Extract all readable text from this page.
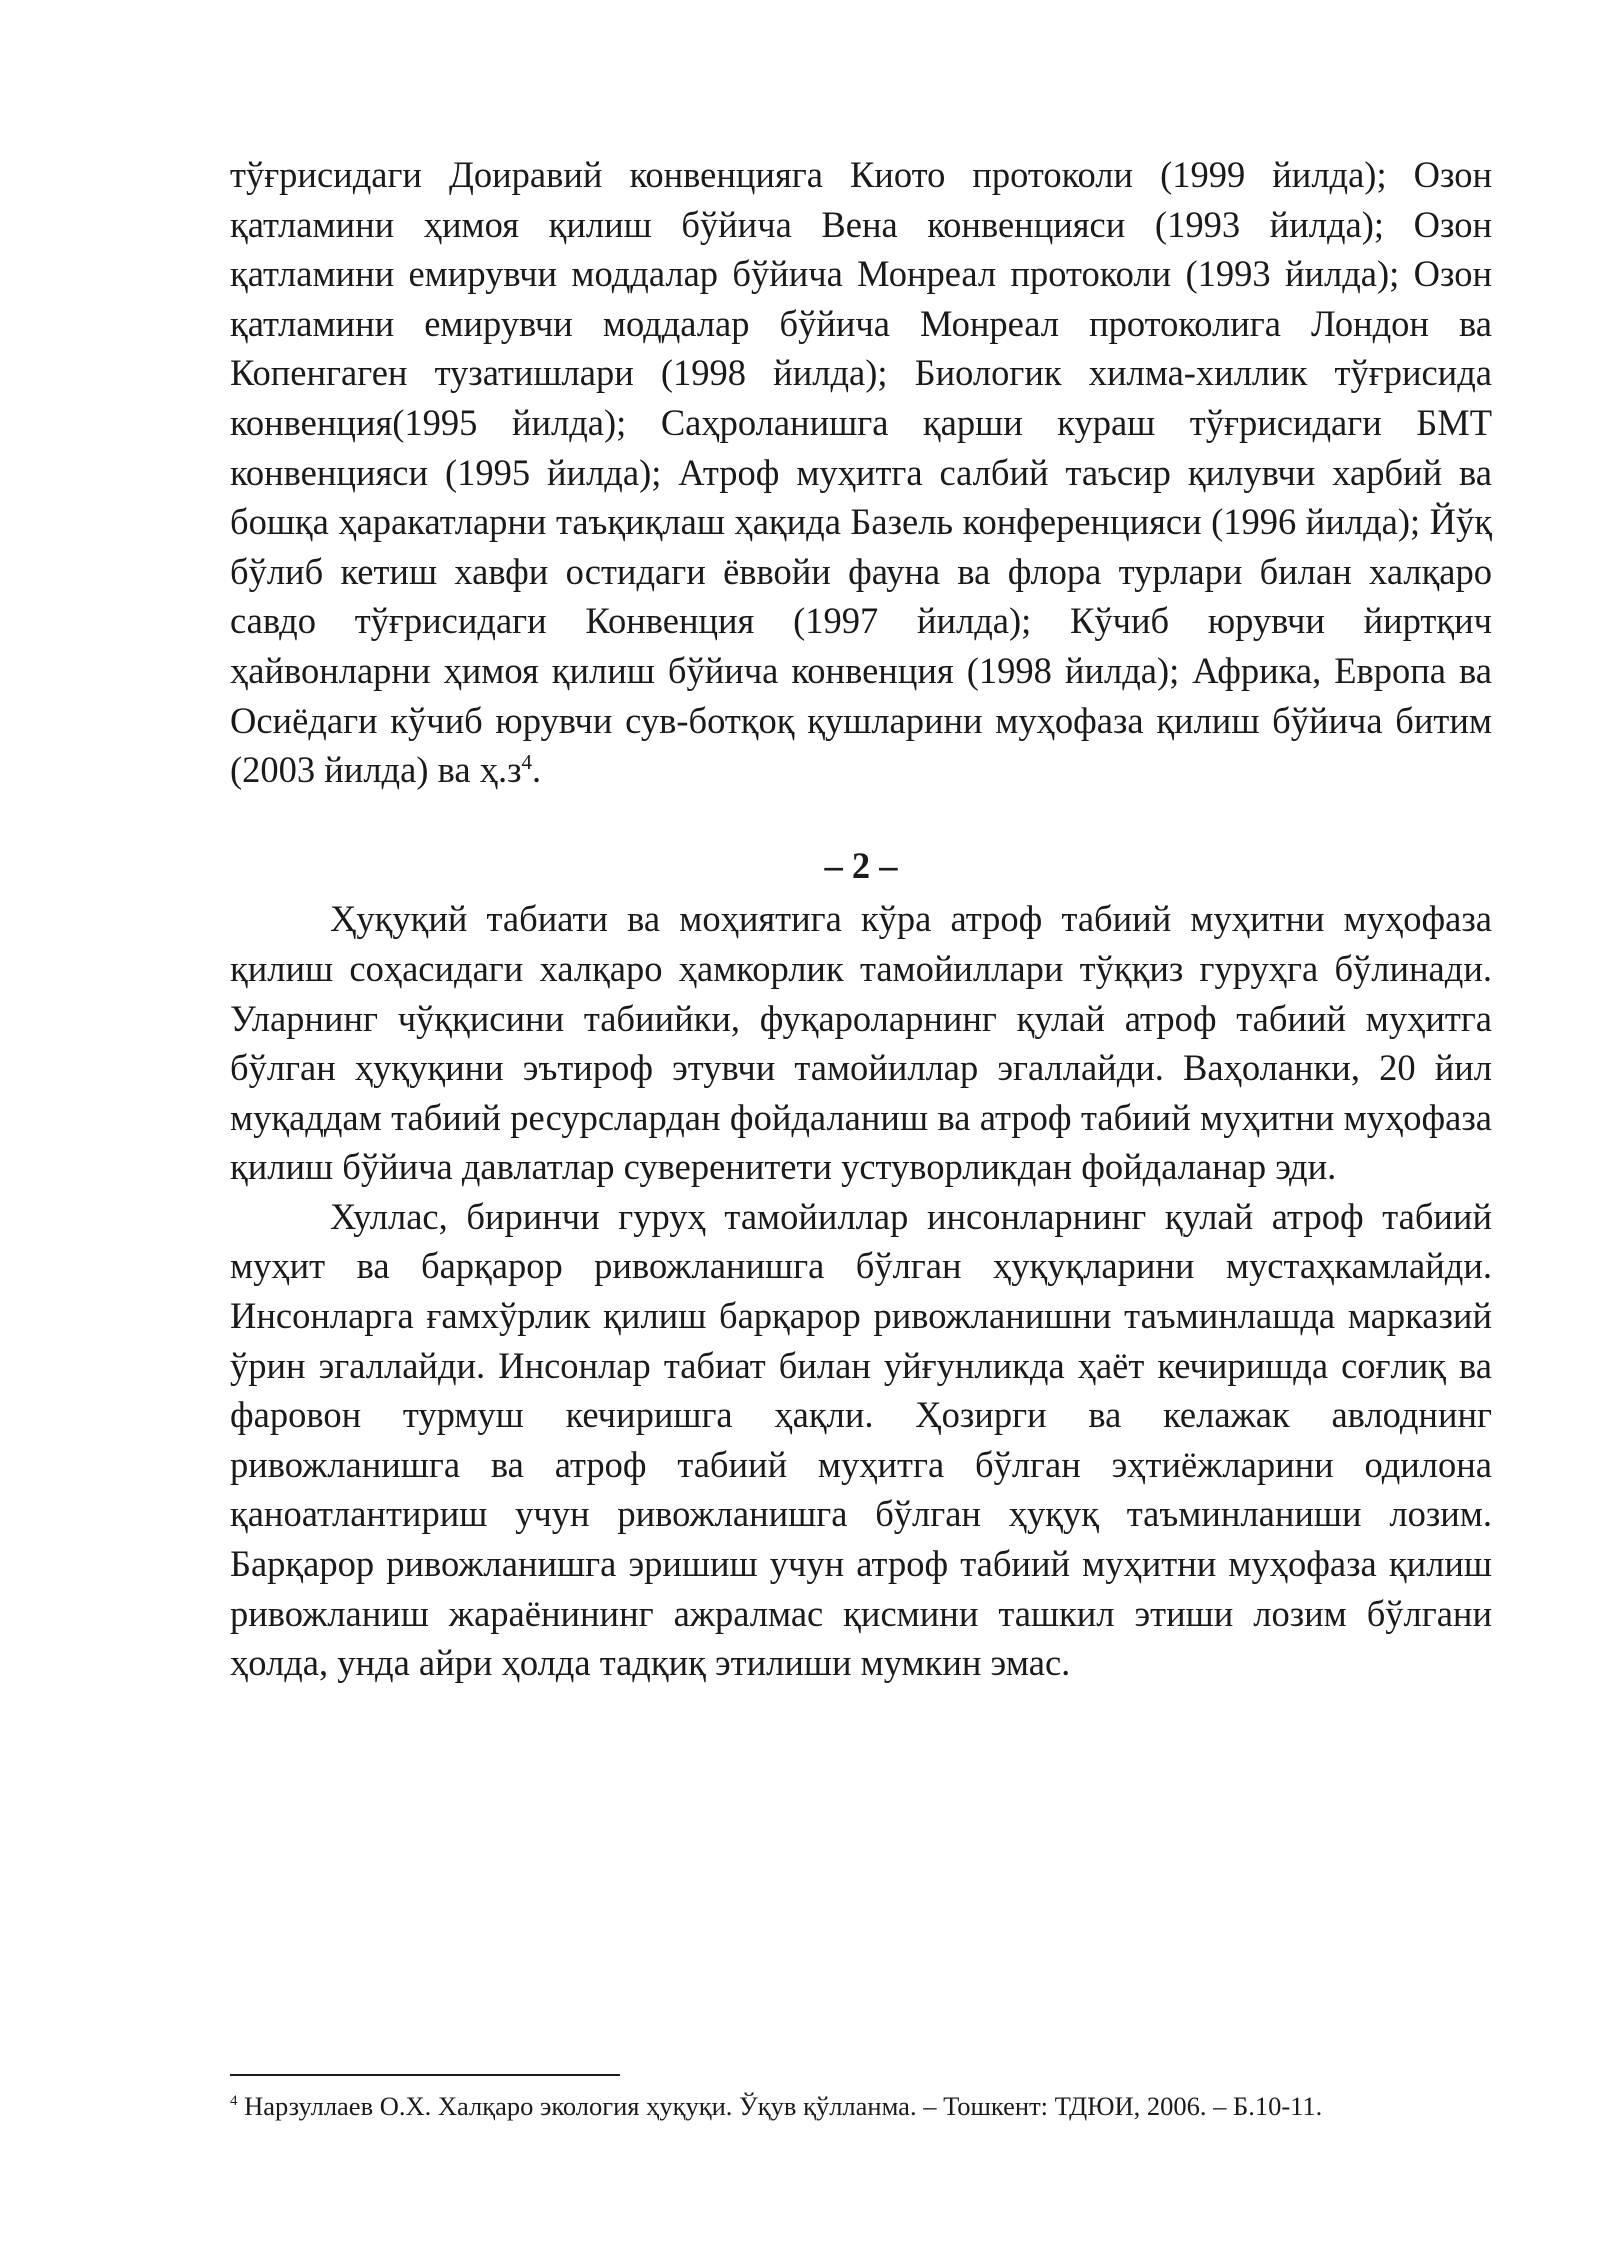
тўғрисидаги Доиравий конвенцияга Киото протоколи (1999 йилда); Озон қатламини ҳимоя қилиш бўйича Вена конвенцияси (1993 йилда); Озон қатламини емирувчи моддалар бўйича Монреал протоколи (1993 йилда); Озон қатламини емирувчи моддалар бўйича Монреал протоколига Лондон ва Копенгаген тузатишлари (1998 йилда); Биологик хилма-хиллик тўғрисида конвенция(1995 йилда); Саҳроланишга қарши кураш тўғрисидаги БМТ конвенцияси (1995 йилда); Атроф муҳитга салбий таъсир қилувчи харбий ва бошқа ҳаракатларни таъқиқлаш ҳақида Базель конференцияси (1996 йилда); Йўқ бўлиб кетиш хавфи остидаги ёввойи фауна ва флора турлари билан халқаро савдо тўғрисидаги Конвенция (1997 йилда); Кўчиб юрувчи йиртқич ҳайвонларни ҳимоя қилиш бўйича конвенция (1998 йилда); Африка, Европа ва Осиёдаги кўчиб юрувчи сув-ботқоқ қушларини муҳофаза қилиш бўйича битим (2003 йилда) ва ҳ.з$^4$.

– 2 –

Ҳуқуқий табиати ва моҳиятига кўра атроф табиий муҳитни муҳофаза қилиш соҳасидаги халқаро ҳамкорлик тамойиллари тўққиз гуруҳга бўлинади. Уларнинг чўққисини табиийки, фуқароларнинг қулай атроф табиий муҳитга бўлган ҳуқуқини эътироф этувчи тамойиллар эгаллайди. Ваҳоланки, 20 йил муқаддам табиий ресурслардан фойдаланиш ва атроф табиий муҳитни муҳофаза қилиш бўйича давлатлар суверенитети устуворликдан фойдаланар эди.

Хуллас, биринчи гуруҳ тамойиллар инсонларнинг қулай атроф табиий муҳит ва барқарор ривожланишга бўлган ҳуқуқларини мустаҳкамлайди. Инсонларга ғамхўрлик қилиш барқарор ривожланишни таъминлашда марказий ўрин эгаллайди. Инсонлар табиат билан уйғунликда ҳаёт кечиришда соғлиқ ва фаровон турмуш кечиришга ҳақли. Ҳозирги ва келажак авлоднинг ривожланишга ва атроф табиий муҳитга бўлган эҳтиёжларини одилона қаноатлантириш учун ривожланишга бўлган ҳуқуқ таъминланиши лозим. Барқарор ривожланишга эришиш учун атроф табиий муҳитни муҳофаза қилиш ривожланиш жараёнининг ажралмас қисмини ташкил этиши лозим бўлгани ҳолда, унда айри ҳолда тадқиқ этилиши мумкин эмас.

$^4$ Нарзуллаев О.Х. Халқаро экология ҳуқуқи. Ўқув қўлланма. – Тошкент: ТДЮИ, 2006. – Б.10-11.
